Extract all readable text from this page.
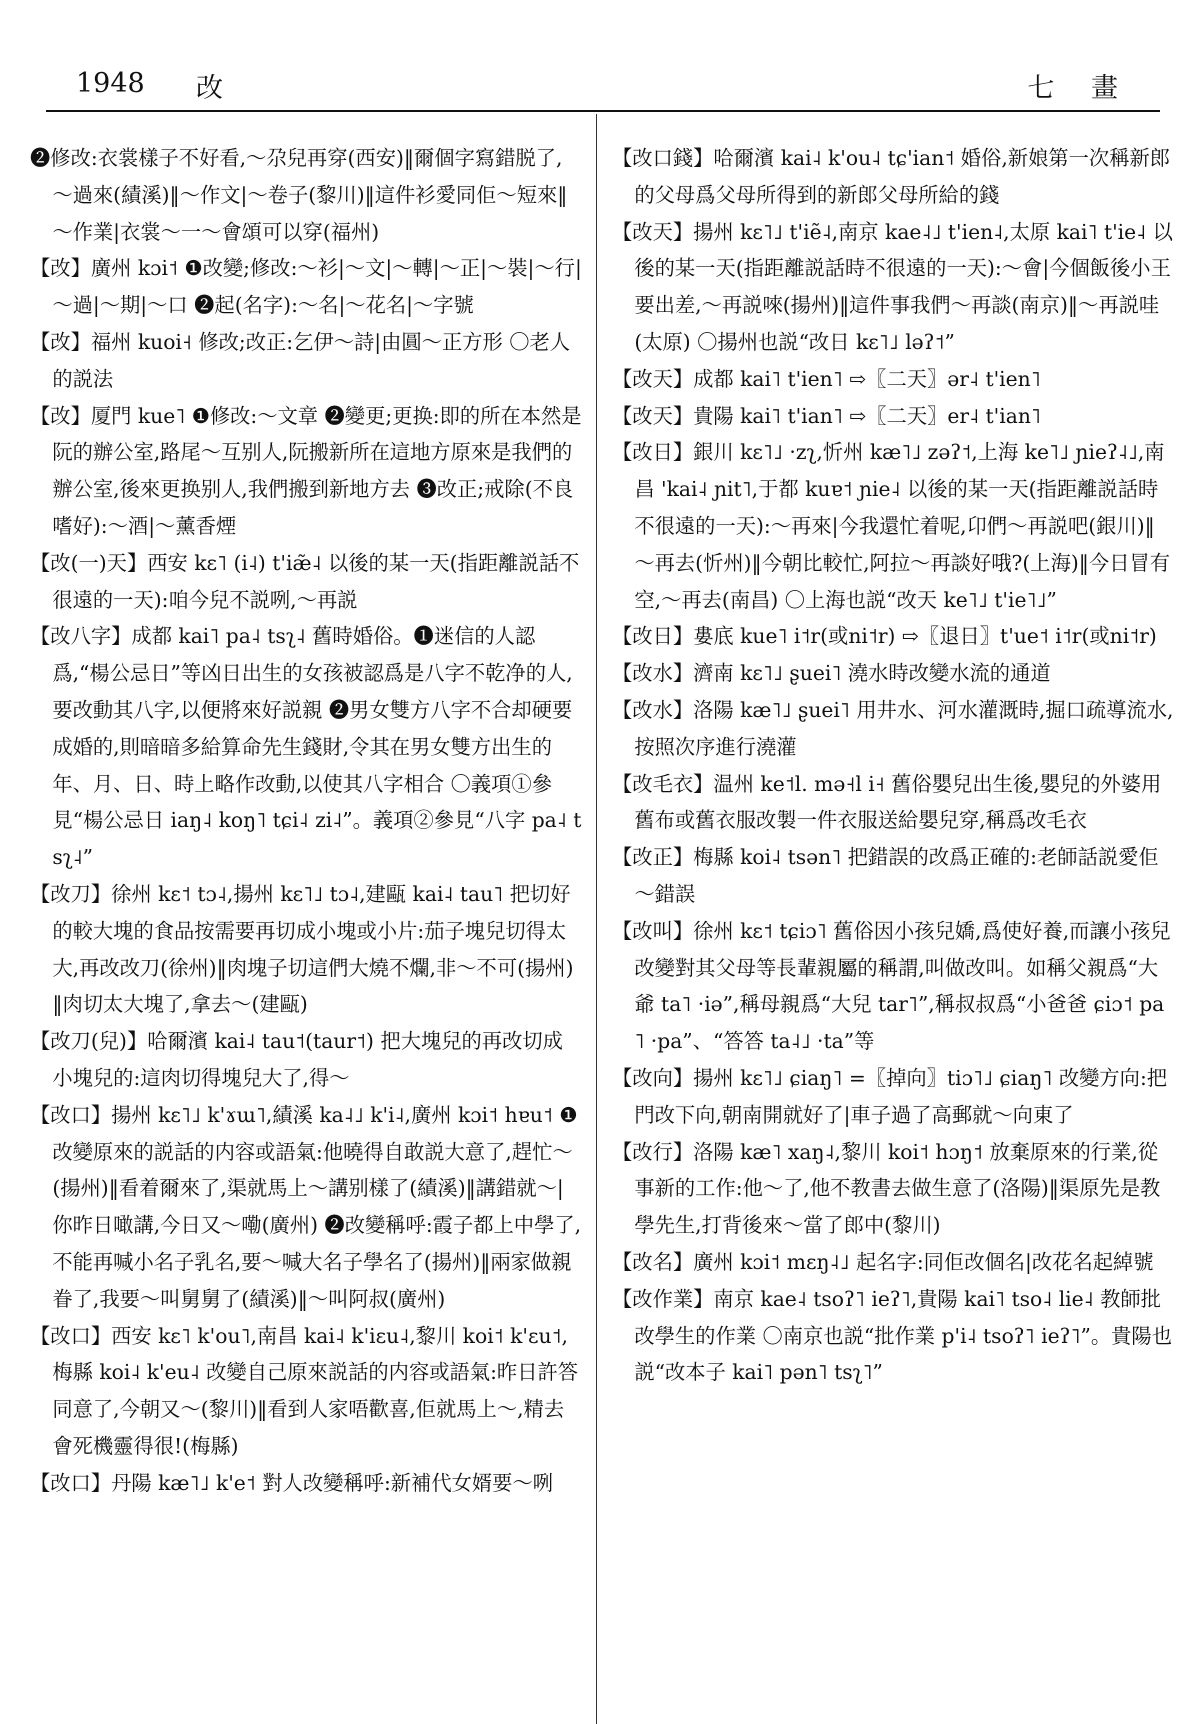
1948 改	七 畫

❷修改:衣裳樣子不好看,～尕兒再穿(西安)‖爾個字寫錯脱了,～過來(績溪)‖～作文|～卷子(黎川)‖這件衫愛同佢～短來‖～作業|衣裳～一～會頌可以穿(福州)

【改】廣州 kɔi˦ ❶改變;修改:～衫|～文|～轉|～正|～裝|～行|～過|～期|～口 ❷起(名字):～名|～花名|～字號

【改】福州 kuoi˧ 修改;改正:乞伊～詩|由圓～正方形 〇老人的説法

【改】厦門 kue˥ ❶修改:～文章 ❷變更;更换:即的所在本然是阮的辦公室,路尾～互别人,阮搬新所在這地方原來是我們的辦公室,後來更换别人,我們搬到新地方去 ❸改正;戒除(不良嗜好):～酒|～薰香煙

【改(一)天】西安 kɛ˥ (i˨) t'iæ̃˨ 以後的某一天(指距離説話不很遠的一天):咱今兒不説咧,～再説

【改八字】成都 kai˥ pa˨ tsʅ˨ 舊時婚俗。❶迷信的人認爲,“楊公忌日”等凶日出生的女孩被認爲是八字不乾净的人,要改動其八字,以便將來好説親 ❷男女雙方八字不合却硬要成婚的,則暗暗多給算命先生錢財,令其在男女雙方出生的年、月、日、時上略作改動,以使其八字相合 〇義項①參見“楊公忌日 iaŋ˨ koŋ˥ tɕi˨ zi˨”。義項②參見“八字 pa˨ tsʅ˨”

【改刀】徐州 kɛ˦ tɔ˨,揚州 kɛ˥˩ tɔ˨,建甌 kai˨ tau˥ 把切好的較大塊的食品按需要再切成小塊或小片:茄子塊兒切得太大,再改改刀(徐州)‖肉塊子切這們大燒不爛,非～不可(揚州)‖肉切太大塊了,拿去～(建甌)

【改刀(兒)】哈爾濱 kai˨ tau˦(taur˦) 把大塊兒的再改切成小塊兒的:這肉切得塊兒大了,得～

【改口】揚州 kɛ˥˩ k'ɤɯ˥,績溪 ka˨˩ k'i˨,廣州 kɔi˦ hɐu˦ ❶改變原來的説話的内容或語氣:他曉得自敢説大意了,趕忙～(揚州)‖看着爾來了,渠就馬上～講别樣了(績溪)‖講錯就～|你昨日噉講,今日又～嘞(廣州) ❷改變稱呼:霞子都上中學了,不能再喊小名子乳名,要～喊大名子學名了(揚州)‖兩家做親眷了,我要～叫舅舅了(績溪)‖～叫阿叔(廣州)

【改口】西安 kɛ˥ k'ou˥,南昌 kai˨ k'iɛu˨,黎川 koi˦ k'ɛu˦,梅縣 koi˨ k'eu˨ 改變自己原來説話的内容或語氣:昨日許答同意了,今朝又～(黎川)‖看到人家唔歡喜,佢就馬上～,精去會死機靈得很!(梅縣)

【改口】丹陽 kæ˥˩ k'e˦ 對人改變稱呼:新補代女婿要～咧

【改口錢】哈爾濱 kai˨ k'ou˨ tɕ'ian˦ 婚俗,新娘第一次稱新郎的父母爲父母所得到的新郎父母所給的錢

【改天】揚州 kɛ˥˩ t'iẽ˨,南京 kae˨˩ t'ien˨,太原 kai˥ t'ie˨ 以後的某一天(指距離説話時不很遠的一天):～會|今個飯後小王要出差,～再説唻(揚州)‖這件事我們～再談(南京)‖～再説哇(太原) 〇揚州也説“改日 kɛ˥˩ ləʔ˦”

【改天】成都 kai˥ t'ien˥ ⇨〖二天〗ər˨ t'ien˥

【改天】貴陽 kai˥ t'ian˥ ⇨〖二天〗er˨ t'ian˥

【改日】銀川 kɛ˥˩ ·zʅ,忻州 kæ˥˩ zəʔ˦,上海 ke˥˩ ɲieʔ˨˩,南昌 'kai˨ ɲit˥,于都 kuɐ˦ ɲie˨ 以後的某一天(指距離説話時不很遠的一天):～再來|今我還忙着呢,卬們～再説吧(銀川)‖～再去(忻州)‖今朝比較忙,阿拉～再談好哦?(上海)‖今日冒有空,～再去(南昌) 〇上海也説“改天 ke˥˩ t'ie˥˩”

【改日】婁底 kue˥ i˦r(或ni˦r) ⇨〖退日〗t'ue˦ i˦r(或ni˦r)

【改水】濟南 kɛ˥˩ ʂuei˥ 澆水時改變水流的通道

【改水】洛陽 kæ˥˩ ʂuei˥ 用井水、河水灌溉時,掘口疏導流水,按照次序進行澆灌

【改毛衣】温州 ke˦l. mə˧l i˧ 舊俗嬰兒出生後,嬰兒的外婆用舊布或舊衣服改製一件衣服送給嬰兒穿,稱爲改毛衣

【改正】梅縣 koi˨ tsən˥ 把錯誤的改爲正確的:老師話説愛佢～錯誤

【改叫】徐州 kɛ˦ tɕiɔ˥ 舊俗因小孩兒嬌,爲使好養,而讓小孩兒改變對其父母等長輩親屬的稱謂,叫做改叫。如稱父親爲“大爺 ta˥ ·iə”,稱母親爲“大兒 tar˥”,稱叔叔爲“小爸爸 ɕiɔ˦ pa˥ ·pa”、“答答 ta˨˩ ·ta”等

【改向】揚州 kɛ˥˩ ɕiaŋ˥ =〖掉向〗tiɔ˥˩ ɕiaŋ˥ 改變方向:把門改下向,朝南開就好了|車子過了高郵就～向東了

【改行】洛陽 kæ˥ xaŋ˨,黎川 koi˦ hɔŋ˦ 放棄原來的行業,從事新的工作:他～了,他不教書去做生意了(洛陽)‖渠原先是教學先生,打背後來～當了郎中(黎川)

【改名】廣州 kɔi˦ mɛŋ˨˩ 起名字:同佢改個名|改花名起綽號

【改作業】南京 kae˨ tsoʔ˥ ieʔ˥,貴陽 kai˥ tso˨ lie˨ 教師批改學生的作業 〇南京也説“批作業 p'i˨ tsoʔ˥ ieʔ˥”。貴陽也説“改本子 kai˥ pən˥ tsʅ˥”
